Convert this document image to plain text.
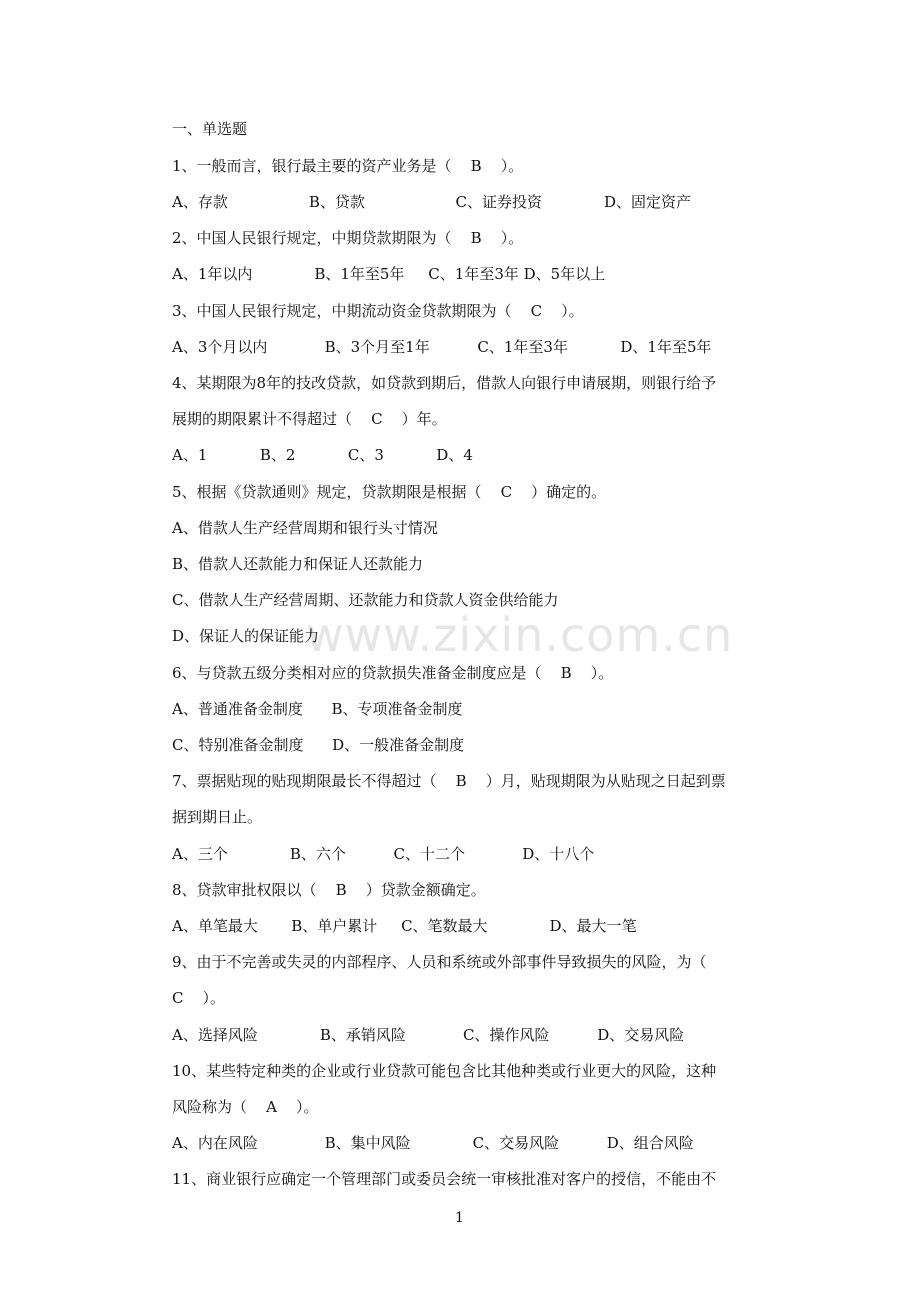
www.zixin.com.cn
一、单选题
1、一般而言，银行最主要的资产业务是（    B    ）。
A、存款                 B、贷款                   C、证券投资             D、固定资产
2、中国人民银行规定，中期贷款期限为（    B    ）。
A、1年以内             B、1年至5年     C、1年至3年 D、5年以上
3、中国人民银行规定，中期流动资金贷款期限为（    C    ）。
A、3个月以内            B、3个月至1年          C、1年至3年           D、1年至5年
4、某期限为8年的技改贷款，如贷款到期后，借款人向银行申请展期，则银行给予
展期的期限累计不得超过（    C    ）年。
A、1           B、2           C、3           D、4
5、根据《贷款通则》规定，贷款期限是根据（    C    ）确定的。
A、借款人生产经营周期和银行头寸情况
B、借款人还款能力和保证人还款能力
C、借款人生产经营周期、还款能力和贷款人资金供给能力
D、保证人的保证能力
6、与贷款五级分类相对应的贷款损失准备金制度应是（    B    ）。
A、普通准备金制度      B、专项准备金制度
C、特别准备金制度      D、一般准备金制度
7、票据贴现的贴现期限最长不得超过（    B    ）月，贴现期限为从贴现之日起到票
据到期日止。
A、三个             B、六个          C、十二个            D、十八个
8、贷款审批权限以（    B    ）贷款金额确定。
A、单笔最大       B、单户累计     C、笔数最大             D、最大一笔
9、由于不完善或失灵的内部程序、人员和系统或外部事件导致损失的风险，为（
C    ）。
A、选择风险             B、承销风险            C、操作风险          D、交易风险
10、某些特定种类的企业或行业贷款可能包含比其他种类或行业更大的风险，这种
风险称为（    A    ）。
A、内在风险              B、集中风险             C、交易风险          D、组合风险
11、商业银行应确定一个管理部门或委员会统一审核批准对客户的授信，不能由不
1
